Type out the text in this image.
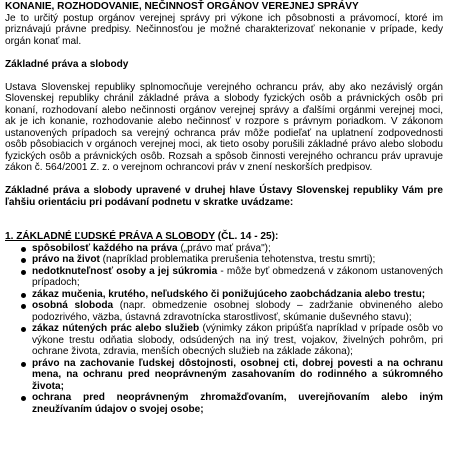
KONANIE, ROZHODOVANIE, NEČINNOSŤ ORGÁNOV VEREJNEJ SPRÁVY
Je to určitý postup orgánov verejnej správy pri výkone ich pôsobnosti a právomocí, ktoré im priznávajú právne predpisy. Nečinnosťou je možné charakterizovať nekonanie v prípade, kedy orgán konať mal.
Základné práva a slobody
Ustava Slovenskej republiky splnomocňuje verejného ochrancu práv, aby ako nezávislý orgán Slovenskej republiky chránil základné práva a slobody fyzických osôb a právnických osôb pri konaní, rozhodovaní alebo nečinnosti orgánov verejnej správy a ďalšími orgánmi verejnej moci, ak je ich konanie, rozhodovanie alebo nečinnosť v rozpore s právnym poriadkom. V zákonom ustanovených prípadoch sa verejný ochranca práv môže podieľať na uplatnení zodpovednosti osôb pôsobiacich v orgánoch verejnej moci, ak tieto osoby porušili základné právo alebo slobodu fyzických osôb a právnických osôb. Rozsah a spôsob činnosti verejného ochrancu práv upravuje zákon č. 564/2001 Z. z. o verejnom ochrancovi práv v znení neskorších predpisov.
Základné práva a slobody upravené v druhej hlave Ústavy Slovenskej republiky Vám pre ľahšiu orientáciu pri podávaní podnetu v skratke uvádzame:
1. ZÁKLADNÉ ĽUDSKÉ PRÁVA A SLOBODY (ČL. 14 - 25):
spôsobilosť každého na práva („právo mať práva");
právo na život (napríklad problematika prerušenia tehotenstva, trestu smrti);
nedotknuteľnosť osoby a jej súkromia - môže byť obmedzená v zákonom ustanovených prípadoch;
zákaz mučenia, krutého, neľudského či ponižujúceho zaobchádzania alebo trestu;
osobná sloboda (napr. obmedzenie osobnej slobody – zadržanie obvineného alebo podozrivého, väzba, ústavná zdravotnícka starostlivosť, skúmanie duševného stavu);
zákaz nútených prác alebo služieb (výnimky zákon pripúšťa napríklad v prípade osôb vo výkone trestu odňatia slobody, odsúdených na iný trest, vojakov, živelných pohrôm, pri ochrane života, zdravia, menších obecných služieb na základe zákona);
právo na zachovanie ľudskej dôstojnosti, osobnej cti, dobrej povesti a na ochranu mena, na ochranu pred neoprávneným zasahovaním do rodinného a súkromného života;
ochrana pred neoprávneným zhromažďovaním, uverejňovaním alebo iným zneužívaním údajov o svojej osobe;
